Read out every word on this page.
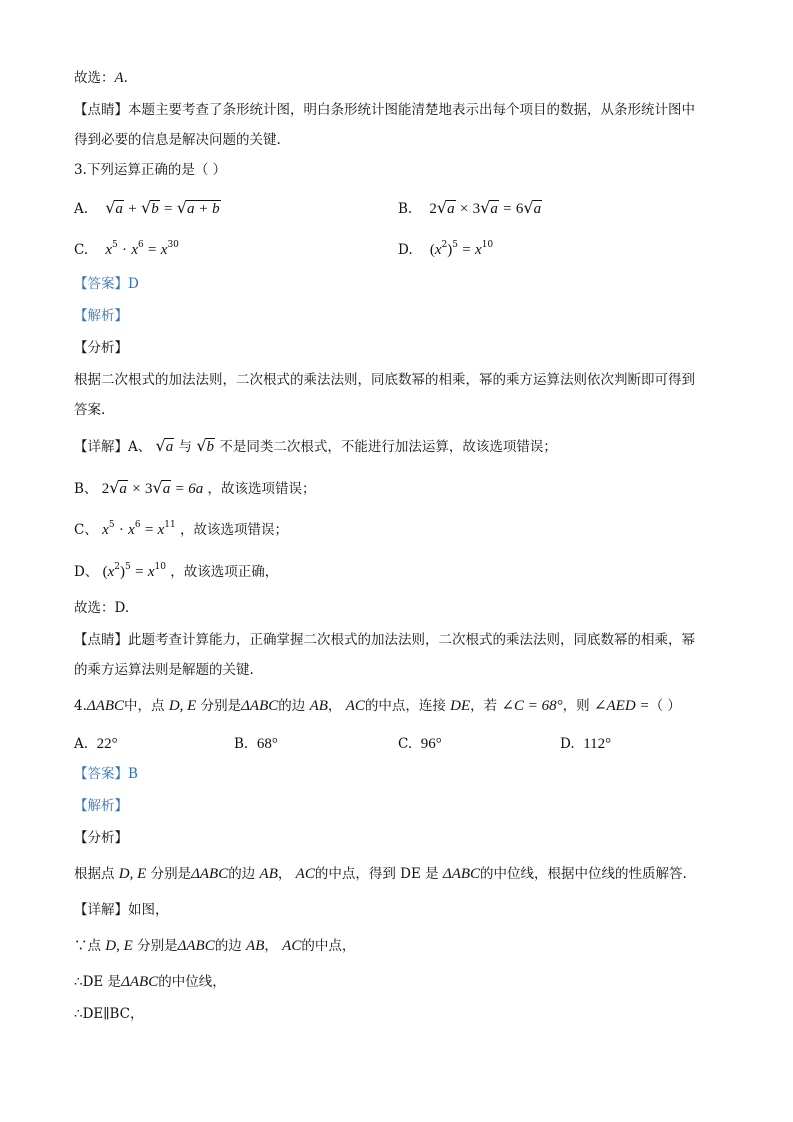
故选：A.
【点睛】本题主要考查了条形统计图，明白条形统计图能清楚地表示出每个项目的数据，从条形统计图中
得到必要的信息是解决问题的关键.
3.下列运算正确的是（ ）
A. √a + √b = √a + b	B. 2√a × 3√a = 6√a
C. $x^5 \cdot x^6 = x^{30}$	D. $(x^2)^5 = x^{10}$
【答案】D
【解析】
【分析】
根据二次根式的加法法则，二次根式的乘法法则，同底数幂的相乘，幂的乘方运算法则依次判断即可得到
答案.
【详解】A、 √a 与 √b 不是同类二次根式，不能进行加法运算，故该选项错误；
B、 2√a × 3√a = 6a ，故该选项错误；
C、 $x^5 \cdot x^6 = x^{11}$ ，故该选项错误；
D、 $(x^2)^5 = x^{10}$ ，故该选项正确，
故选：D.
【点睛】此题考查计算能力，正确掌握二次根式的加法法则，二次根式的乘法法则，同底数幂的相乘，幂
的乘方运算法则是解题的关键.
4.ΔABC中，点 D, E 分别是ΔABC的边 AB， AC的中点，连接 DE，若 ∠C = 68°，则 ∠AED =（ ）
A. 22°	B. 68°	C. 96°	D. 112°
【答案】B
【解析】
【分析】
根据点 D, E 分别是ΔABC的边 AB， AC的中点，得到 DE 是 ΔABC的中位线，根据中位线的性质解答.
【详解】如图，
∵点 D, E 分别是ΔABC的边 AB， AC的中点，
∴DE 是ΔABC的中位线，
∴DE∥BC，
